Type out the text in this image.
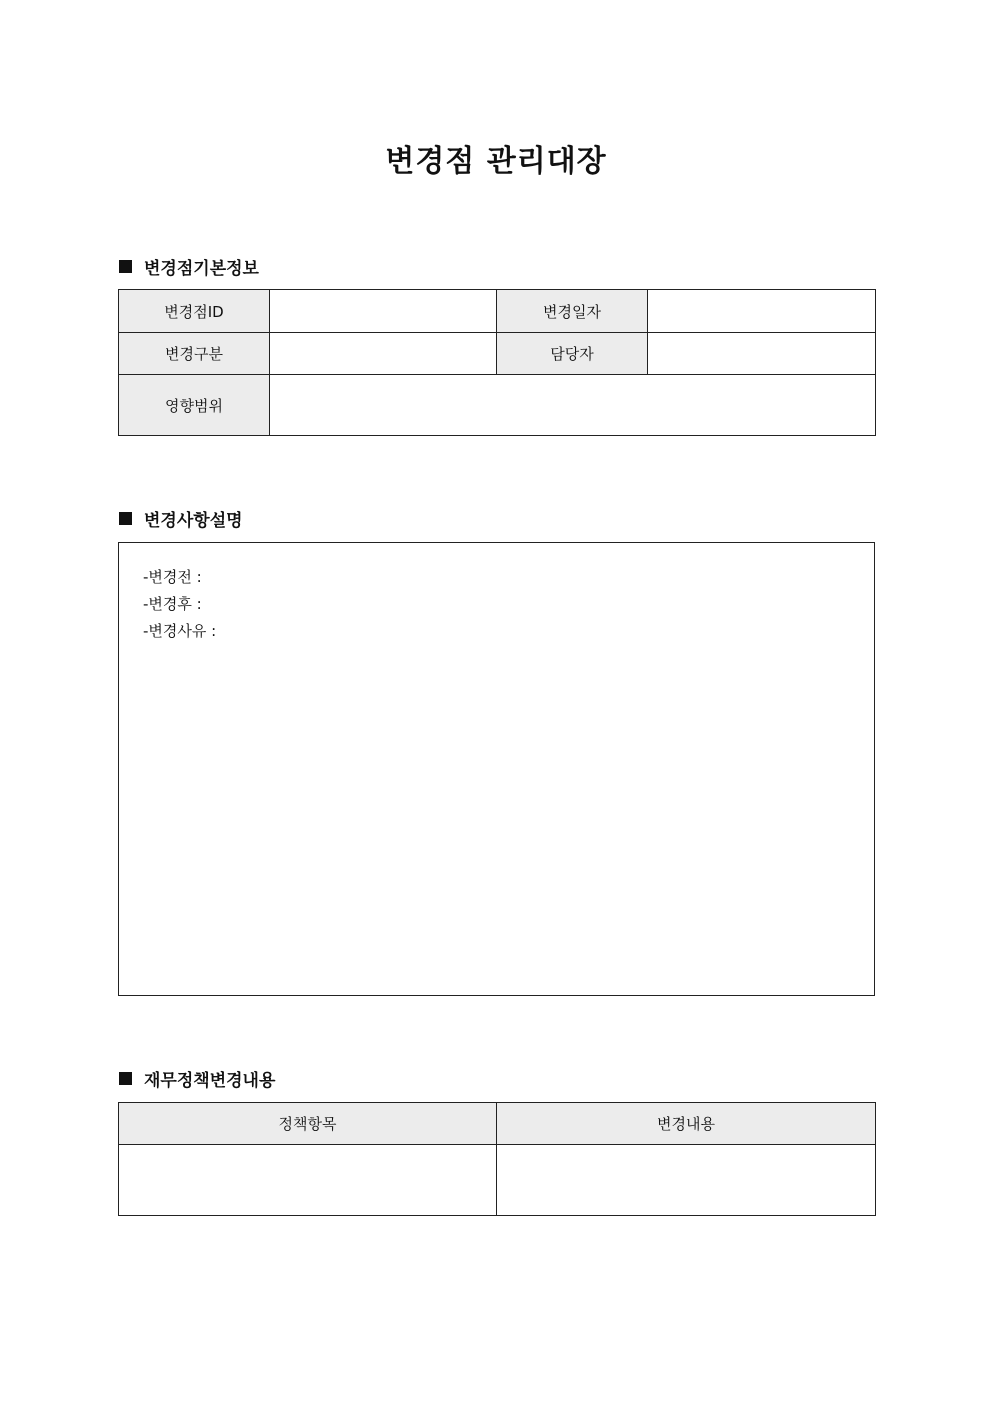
변경점 관리대장
변경점기본정보
변경점ID		변경일자	
변경구분		담당자	
영향범위			
변경사항설명
-변경전 :
-변경후 :
-변경사유 :
재무정책변경내용
정책항목	변경내용
